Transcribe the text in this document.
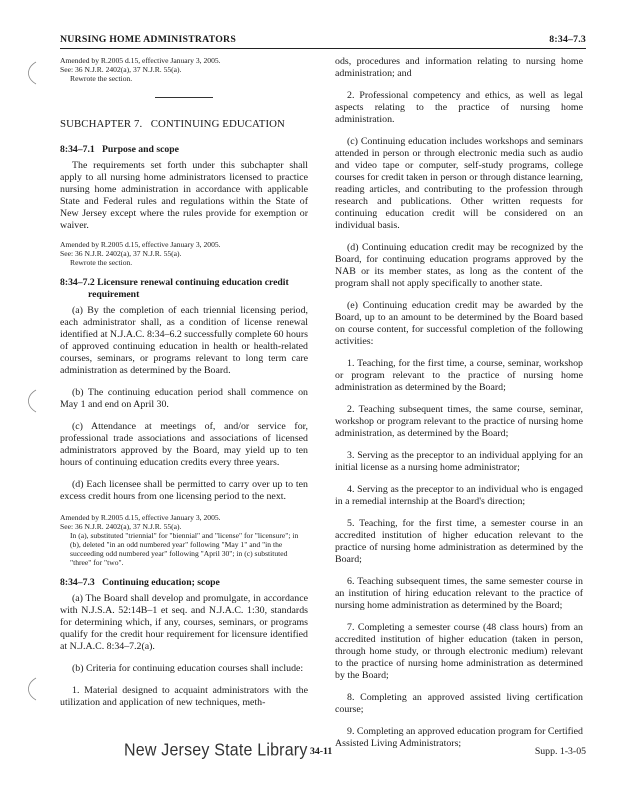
NURSING HOME ADMINISTRATORS	8:34–7.3

Amended by R.2005 d.15, effective January 3, 2005.

See: 36 N.J.R. 2402(a), 37 N.J.R. 55(a).

Rewrote the section.

SUBCHAPTER 7.   CONTINUING EDUCATION

8:34–7.1   Purpose and scope

The requirements set forth under this subchapter shall apply to all nursing home administrators licensed to practice nursing home administration in accordance with applicable State and Federal rules and regulations within the State of New Jersey except where the rules provide for exemption or waiver.

Amended by R.2005 d.15, effective January 3, 2005.

See: 36 N.J.R. 2402(a), 37 N.J.R. 55(a).

Rewrote the section.

8:34–7.2 Licensure renewal continuing education credit requirement

(a) By the completion of each triennial licensing period, each administrator shall, as a condition of license renewal identified at N.J.A.C. 8:34–6.2 successfully complete 60 hours of approved continuing education in health or health-related courses, seminars, or programs relevant to long term care administration as determined by the Board.

(b) The continuing education period shall commence on May 1 and end on April 30.

(c) Attendance at meetings of, and/or service for, professional trade associations and associations of licensed administrators approved by the Board, may yield up to ten hours of continuing education credits every three years.

(d) Each licensee shall be permitted to carry over up to ten excess credit hours from one licensing period to the next.

Amended by R.2005 d.15, effective January 3, 2005.

See: 36 N.J.R. 2402(a), 37 N.J.R. 55(a).

In (a), substituted "triennial" for "biennial" and "license" for "licensure"; in (b), deleted "in an odd numbered year" following "May 1" and "in the succeeding odd numbered year" following "April 30"; in (c) substituted "three" for "two".

8:34–7.3   Continuing education; scope

(a) The Board shall develop and promulgate, in accordance with N.J.S.A. 52:14B–1 et seq. and N.J.A.C. 1:30, standards for determining which, if any, courses, seminars, or programs qualify for the credit hour requirement for licensure identified at N.J.A.C. 8:34–7.2(a).

(b) Criteria for continuing education courses shall include:

1. Material designed to acquaint administrators with the utilization and application of new techniques, meth-

ods, procedures and information relating to nursing home administration; and

2. Professional competency and ethics, as well as legal aspects relating to the practice of nursing home administration.

(c) Continuing education includes workshops and seminars attended in person or through electronic media such as audio and video tape or computer, self-study programs, college courses for credit taken in person or through distance learning, reading articles, and contributing to the profession through research and publications. Other written requests for continuing education credit will be considered on an individual basis.

(d) Continuing education credit may be recognized by the Board, for continuing education programs approved by the NAB or its member states, as long as the content of the program shall not apply specifically to another state.

(e) Continuing education credit may be awarded by the Board, up to an amount to be determined by the Board based on course content, for successful completion of the following activities:

1. Teaching, for the first time, a course, seminar, workshop or program relevant to the practice of nursing home administration as determined by the Board;

2. Teaching subsequent times, the same course, seminar, workshop or program relevant to the practice of nursing home administration, as determined by the Board;

3. Serving as the preceptor to an individual applying for an initial license as a nursing home administrator;

4. Serving as the preceptor to an individual who is engaged in a remedial internship at the Board's direction;

5. Teaching, for the first time, a semester course in an accredited institution of higher education relevant to the practice of nursing home administration as determined by the Board;

6. Teaching subsequent times, the same semester course in an institution of hiring education relevant to the practice of nursing home administration as determined by the Board;

7. Completing a semester course (48 class hours) from an accredited institution of higher education (taken in person, through home study, or through electronic medium) relevant to the practice of nursing home administration as determined by the Board;

8. Completing an approved assisted living certification course;

9. Completing an approved education program for Certified Assisted Living Administrators;

New Jersey State Library 34-11	Supp. 1-3-05
